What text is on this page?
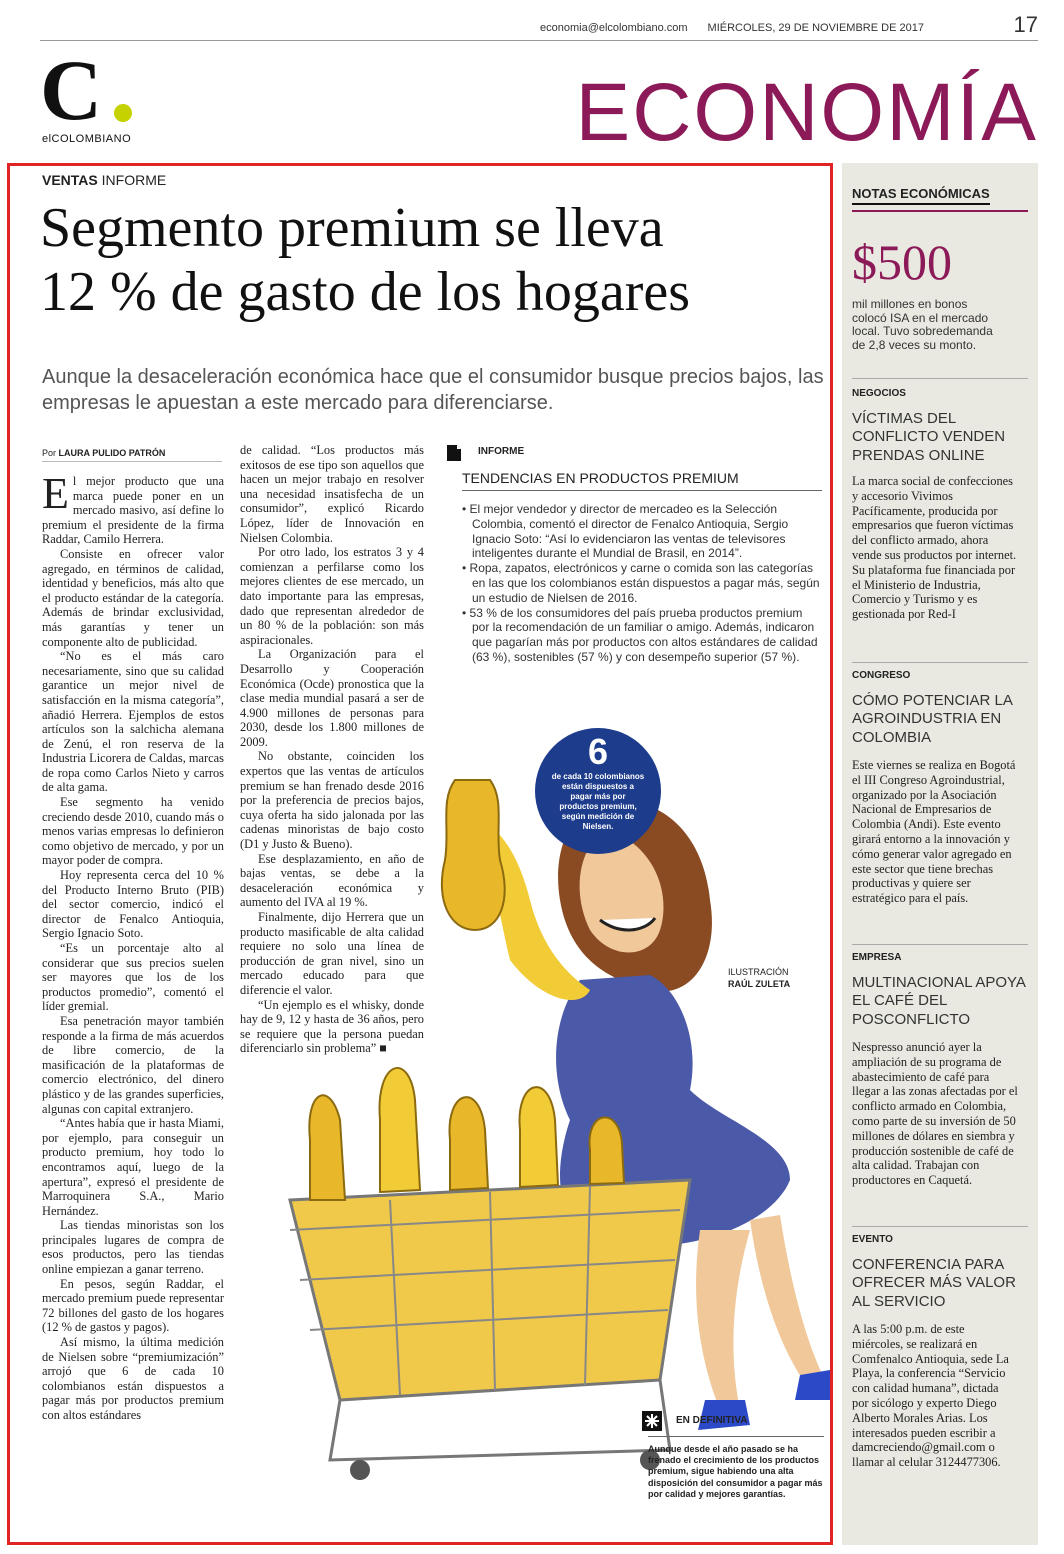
economia@elcolombiano.com MIÉRCOLES, 29 DE NOVIEMBRE DE 2017	17
C
elCOLOMBIANO	ECONOMÍA
VENTAS INFORME
Segmento premium se lleva
12 % de gasto de los hogares
Aunque la desaceleración económica hace que el consumidor busque precios bajos, las empresas le apuestan a este mercado para diferenciarse.
Por LAURA PULIDO PATRÓN

El mejor producto que una marca puede poner en un mercado masivo, así define lo premium el presidente de la firma Raddar, Camilo Herrera.

Consiste en ofrecer valor agregado, en términos de calidad, identidad y beneficios, más alto que el producto estándar de la categoría. Además de brindar exclusividad, más garantías y tener un componente alto de publicidad.

“No es el más caro necesariamente, sino que su calidad garantice un mejor nivel de satisfacción en la misma categoría”, añadió Herrera. Ejemplos de estos artículos son la salchicha alemana de Zenú, el ron reserva de la Industria Licorera de Caldas, marcas de ropa como Carlos Nieto y carros de alta gama.

Ese segmento ha venido creciendo desde 2010, cuando más o menos varias empresas lo definieron como objetivo de mercado, y por un mayor poder de compra.

Hoy representa cerca del 10 % del Producto Interno Bruto (PIB) del sector comercio, indicó el director de Fenalco Antioquia, Sergio Ignacio Soto.

“Es un porcentaje alto al considerar que sus precios suelen ser mayores que los de los productos promedio”, comentó el líder gremial.

Esa penetración mayor también responde a la firma de más acuerdos de libre comercio, de la masificación de la plataformas de comercio electrónico, del dinero plástico y de las grandes superficies, algunas con capital extranjero.

“Antes había que ir hasta Miami, por ejemplo, para conseguir un producto premium, hoy todo lo encontramos aquí, luego de la apertura”, expresó el presidente de Marroquinera S.A., Mario Hernández.

Las tiendas minoristas son los principales lugares de compra de esos productos, pero las tiendas online empiezan a ganar terreno.

En pesos, según Raddar, el mercado premium puede representar 72 billones del gasto de los hogares (12 % de gastos y pagos).

Así mismo, la última medición de Nielsen sobre “premiumización” arrojó que 6 de cada 10 colombianos están dispuestos a pagar más por productos premium con altos estándares

de calidad. “Los productos más exitosos de ese tipo son aquellos que hacen un mejor trabajo en resolver una necesidad insatisfecha de un consumidor”, explicó Ricardo López, líder de Innovación en Nielsen Colombia.

Por otro lado, los estratos 3 y 4 comienzan a perfilarse como los mejores clientes de ese mercado, un dato importante para las empresas, dado que representan alrededor de un 80 % de la población: son más aspiracionales.

La Organización para el Desarrollo y Cooperación Económica (Ocde) pronostica que la clase media mundial pasará a ser de 4.900 millones de personas para 2030, desde los 1.800 millones de 2009.

No obstante, coinciden los expertos que las ventas de artículos premium se han frenado desde 2016 por la preferencia de precios bajos, cuya oferta ha sido jalonada por las cadenas minoristas de bajo costo (D1 y Justo & Bueno).

Ese desplazamiento, en año de bajas ventas, se debe a la desaceleración económica y aumento del IVA al 19 %.

Finalmente, dijo Herrera que un producto masificable de alta calidad requiere no solo una línea de producción de gran nivel, sino un mercado educado para que diferencie el valor.

“Un ejemplo es el whisky, donde hay de 9, 12 y hasta de 36 años, pero se requiere que la persona puedan diferenciarlo sin problema” ■

INFORME
TENDENCIAS EN PRODUCTOS PREMIUM
• El mejor vendedor y director de mercadeo es la Selección Colombia, comentó el director de Fenalco Antioquia, Sergio Ignacio Soto: “Así lo evidenciaron las ventas de televisores inteligentes durante el Mundial de Brasil, en 2014”.
• Ropa, zapatos, electrónicos y carne o comida son las categorías en las que los colombianos están dispuestos a pagar más, según un estudio de Nielsen de 2016.
• 53 % de los consumidores del país prueba productos premium por la recomendación de un familiar o amigo. Además, indicaron que pagarían más por productos con altos estándares de calidad (63 %), sostenibles (57 %) y con desempeño superior (57 %).
6
de cada 10 colombianos están dispuestos a pagar más por productos premium, según medición de Nielsen.
ILUSTRACIÓN
RAÚL ZULETA
EN DEFINITIVA
Aunque desde el año pasado se ha frenado el crecimiento de los productos premium, sigue habiendo una alta disposición del consumidor a pagar más por calidad y mejores garantías.
NOTAS ECONÓMICAS
$500
mil millones en bonos colocó ISA en el mercado local. Tuvo sobredemanda de 2,8 veces su monto.
NEGOCIOS
VÍCTIMAS DEL CONFLICTO VENDEN PRENDAS ONLINE
La marca social de confecciones y accesorio Vivimos Pacíficamente, producida por empresarios que fueron víctimas del conflicto armado, ahora vende sus productos por internet. Su plataforma fue financiada por el Ministerio de Industria, Comercio y Turismo y es gestionada por Red-I
CONGRESO
CÓMO POTENCIAR LA AGROINDUSTRIA EN COLOMBIA
Este viernes se realiza en Bogotá el III Congreso Agroindustrial, organizado por la Asociación Nacional de Empresarios de Colombia (Andi). Este evento girará entorno a la innovación y cómo generar valor agregado en este sector que tiene brechas productivas y quiere ser estratégico para el país.
EMPRESA
MULTINACIONAL APOYA EL CAFÉ DEL POSCONFLICTO
Nespresso anunció ayer la ampliación de su programa de abastecimiento de café para llegar a las zonas afectadas por el conflicto armado en Colombia, como parte de su inversión de 50 millones de dólares en siembra y producción sostenible de café de alta calidad. Trabajan con productores en Caquetá.
EVENTO
CONFERENCIA PARA OFRECER MÁS VALOR AL SERVICIO
A las 5:00 p.m. de este miércoles, se realizará en Comfenalco Antioquia, sede La Playa, la conferencia “Servicio con calidad humana”, dictada por sicólogo y experto Diego Alberto Morales Arias. Los interesados pueden escribir a damcreciendo@gmail.com o llamar al celular 3124477306.
